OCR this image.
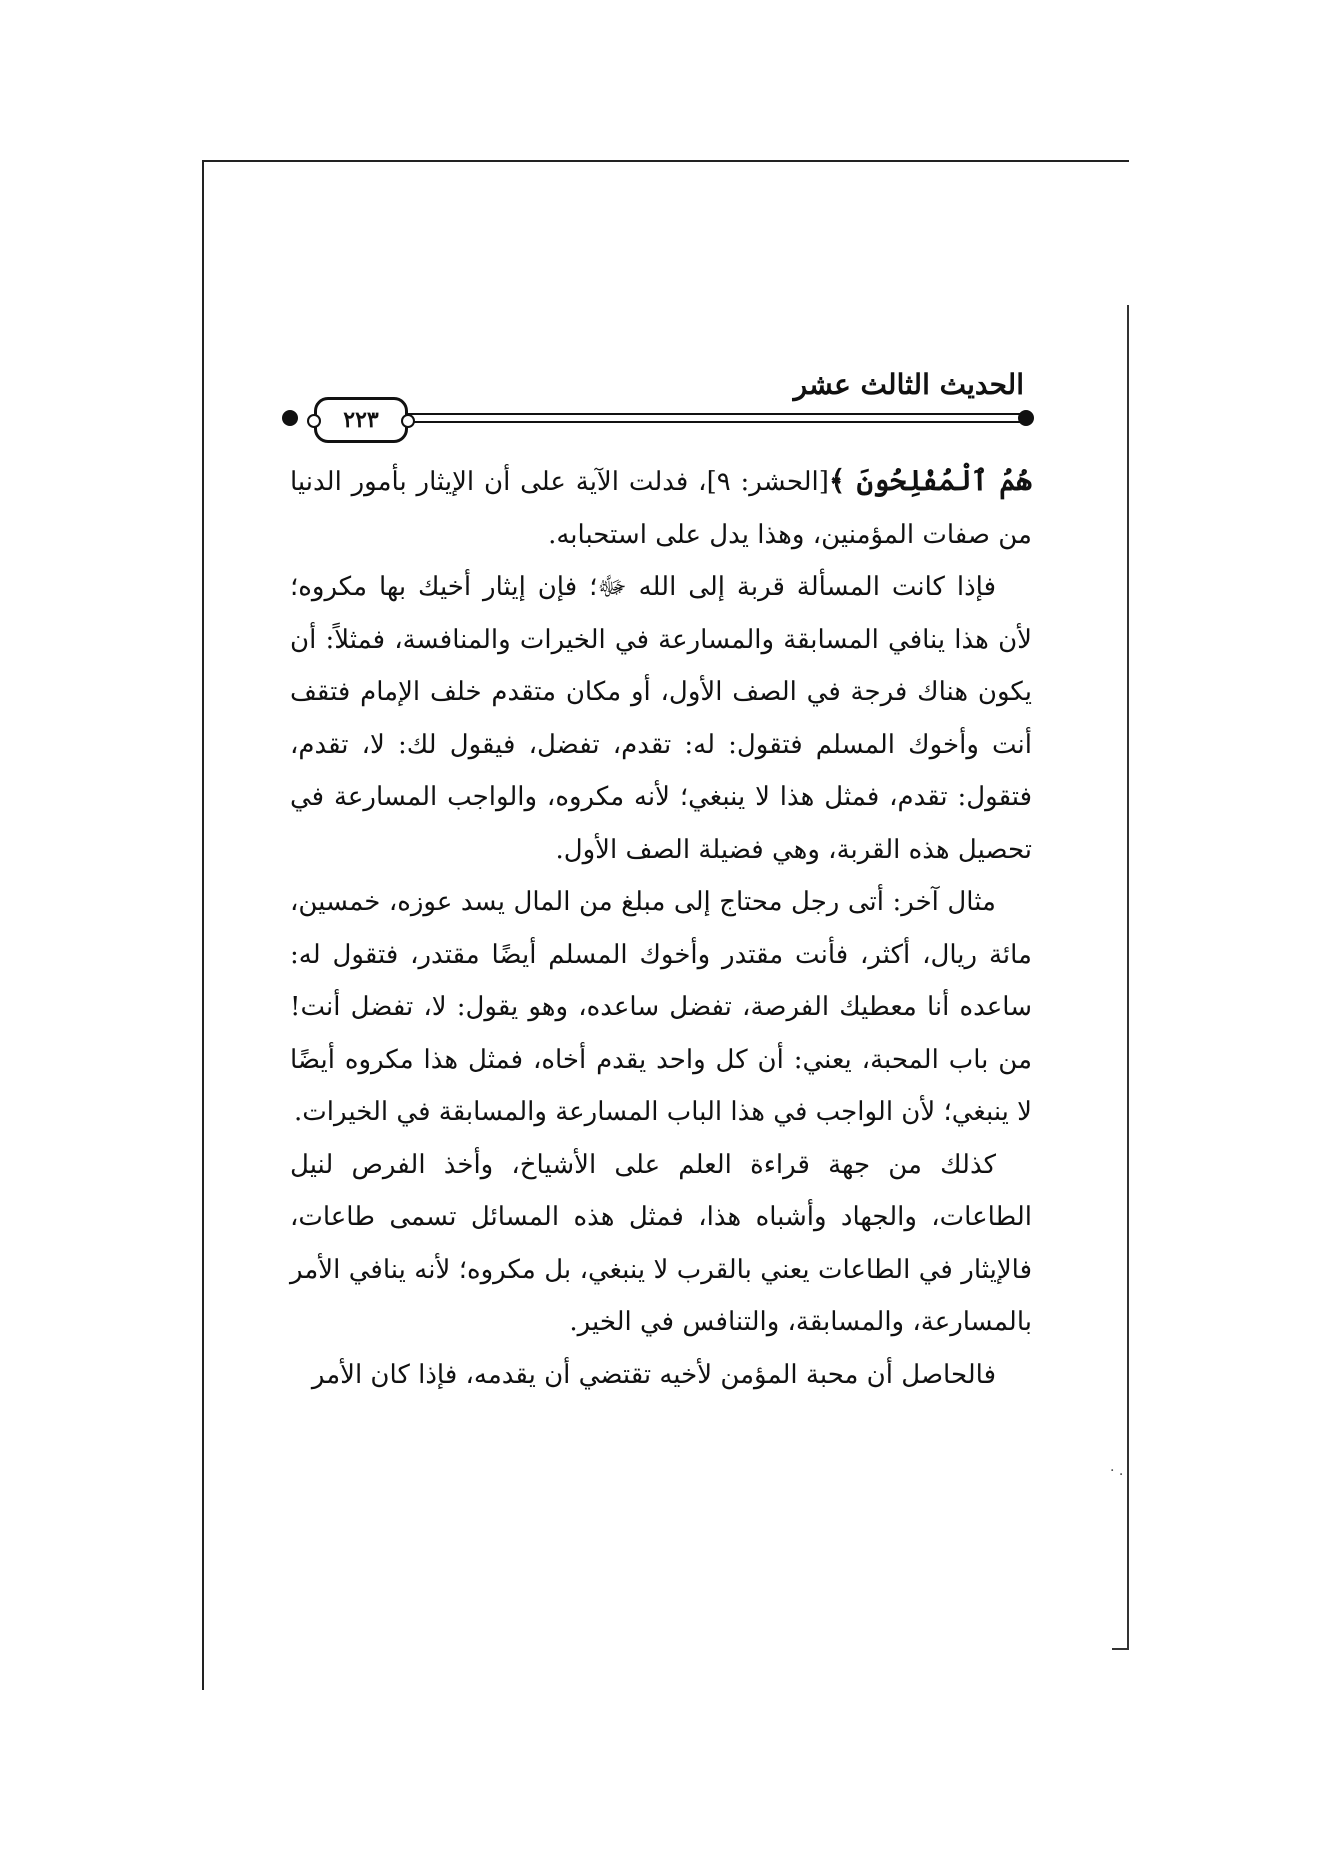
الحديث الثالث عشر
٢٢٣

هُمُ ٱلْمُفْلِحُونَ ﴾[الحشر: ٩]، فدلت الآية على أن الإيثار بأمور الدنيا من صفات المؤمنين، وهذا يدل على استحبابه.

فإذا كانت المسألة قربة إلى الله ﷻ؛ فإن إيثار أخيك بها مكروه؛ لأن هذا ينافي المسابقة والمسارعة في الخيرات والمنافسة، فمثلاً: أن يكون هناك فرجة في الصف الأول، أو مكان متقدم خلف الإمام فتقف أنت وأخوك المسلم فتقول: له: تقدم، تفضل، فيقول لك: لا، تقدم، فتقول: تقدم، فمثل هذا لا ينبغي؛ لأنه مكروه، والواجب المسارعة في تحصيل هذه القربة، وهي فضيلة الصف الأول.

مثال آخر: أتى رجل محتاج إلى مبلغ من المال يسد عوزه، خمسين، مائة ريال، أكثر، فأنت مقتدر وأخوك المسلم أيضًا مقتدر، فتقول له: ساعده أنا معطيك الفرصة، تفضل ساعده، وهو يقول: لا، تفضل أنت! من باب المحبة، يعني: أن كل واحد يقدم أخاه، فمثل هذا مكروه أيضًا لا ينبغي؛ لأن الواجب في هذا الباب المسارعة والمسابقة في الخيرات.

كذلك من جهة قراءة العلم على الأشياخ، وأخذ الفرص لنيل الطاعات، والجهاد وأشباه هذا، فمثل هذه المسائل تسمى طاعات، فالإيثار في الطاعات يعني بالقرب لا ينبغي، بل مكروه؛ لأنه ينافي الأمر بالمسارعة، والمسابقة، والتنافس في الخير.

فالحاصل أن محبة المؤمن لأخيه تقتضي أن يقدمه، فإذا كان الأمر

· .
